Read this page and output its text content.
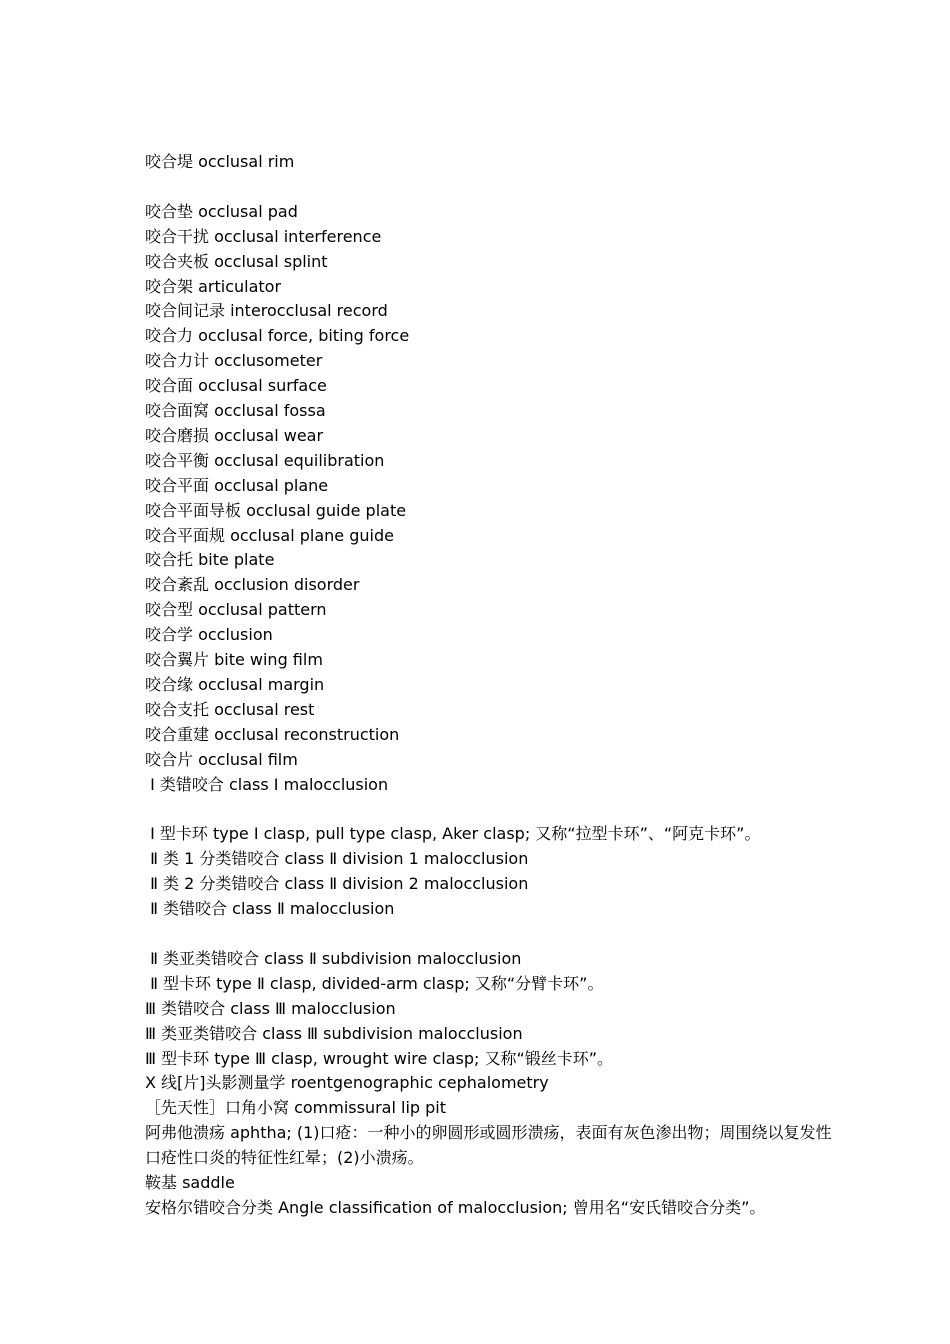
咬合堤 occlusal rim
咬合垫 occlusal pad
咬合干扰 occlusal interference
咬合夹板 occlusal splint
咬合架 articulator
咬合间记录 interocclusal record
咬合力 occlusal force, biting force
咬合力计 occlusometer
咬合面 occlusal surface
咬合面窝 occlusal fossa
咬合磨损 occlusal wear
咬合平衡 occlusal equilibration
咬合平面 occlusal plane
咬合平面导板 occlusal guide plate
咬合平面规 occlusal plane guide
咬合托 bite plate
咬合紊乱 occlusion disorder
咬合型 occlusal pattern
咬合学 occlusion
咬合翼片 bite wing film
咬合缘 occlusal margin
咬合支托 occlusal rest
咬合重建 occlusal reconstruction
咬合片 occlusal film
Ⅰ 类错咬合 class Ⅰ malocclusion
Ⅰ 型卡环 type Ⅰ clasp, pull type clasp, Aker clasp; 又称“拉型卡环”、“阿克卡环”。
Ⅱ 类 1 分类错咬合 class Ⅱ division 1 malocclusion
Ⅱ 类 2 分类错咬合 class Ⅱ division 2 malocclusion
Ⅱ 类错咬合 class Ⅱ malocclusion
Ⅱ 类亚类错咬合 class Ⅱ subdivision malocclusion
Ⅱ 型卡环 type Ⅱ clasp, divided-arm clasp; 又称“分臂卡环”。
Ⅲ 类错咬合 class Ⅲ malocclusion
Ⅲ 类亚类错咬合 class Ⅲ subdivision malocclusion
Ⅲ 型卡环 type Ⅲ clasp, wrought wire clasp; 又称“锻丝卡环”。
X 线[片]头影测量学 roentgenographic cephalometry
［先天性］口角小窝 commissural lip pit
阿弗他溃疡 aphtha; (1)口疮：一种小的卵圆形或圆形溃疡，表面有灰色渗出物；周围绕以复发性 口疮性口炎的特征性红晕；(2)小溃疡。
鞍基 saddle
安格尔错咬合分类 Angle classification of malocclusion; 曾用名“安氏错咬合分类”。
